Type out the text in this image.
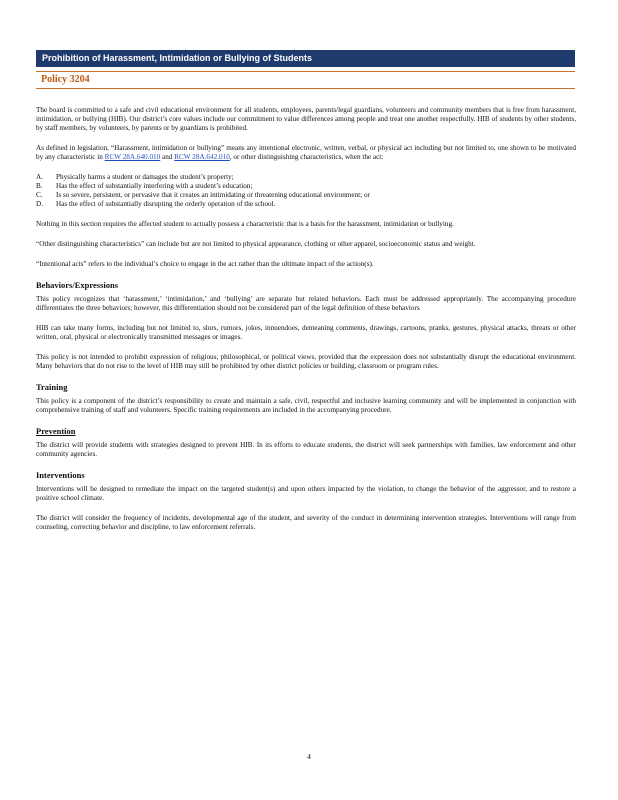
Prohibition of Harassment, Intimidation or Bullying of Students
Policy 3204

The board is committed to a safe and civil educational environment for all students, employees, parents/legal guardians, volunteers and community members that is free from harassment, intimidation, or bullying (HIB). Our district’s core values include our commitment to value differences among people and treat one another respectfully. HIB of students by other students, by staff members, by volunteers, by parents or by guardians is prohibited.

As defined in legislation, “Harassment, intimidation or bullying” means any intentional electronic, written, verbal, or physical act including but not limited to, one shown to be motivated by any characteristic in RCW 28A.640.010 and RCW 28A.642.010, or other distinguishing characteristics, when the act:

A. Physically harms a student or damages the student’s property;
B. Has the effect of substantially interfering with a student’s education;
C. Is so severe, persistent, or pervasive that it creates an intimidating or threatening educational environment; or
D. Has the effect of substantially disrupting the orderly operation of the school.

Nothing in this section requires the affected student to actually possess a characteristic that is a basis for the harassment, intimidation or bullying.

“Other distinguishing characteristics” can include but are not limited to physical appearance, clothing or other apparel, socioeconomic status and weight.

“Intentional acts” refers to the individual’s choice to engage in the act rather than the ultimate impact of the action(s).

Behaviors/Expressions

This policy recognizes that ‘harassment,’ ‘intimidation,’ and ‘bullying’ are separate but related behaviors. Each must be addressed appropriately. The accompanying procedure differentiates the three behaviors; however, this differentiation should not be considered part of the legal definition of these behaviors

HIB can take many forms, including but not limited to, slurs, rumors, jokes, innuendoes, demeaning comments, drawings, cartoons, pranks, gestures, physical attacks, threats or other written, oral, physical or electronically transmitted messages or images.

This policy is not intended to prohibit expression of religious, philosophical, or political views, provided that the expression does not substantially disrupt the educational environment. Many behaviors that do not rise to the level of HIB may still be prohibited by other district policies or building, classroom or program rules.

Training

This policy is a component of the district’s responsibility to create and maintain a safe, civil, respectful and inclusive learning community and will be implemented in conjunction with comprehensive training of staff and volunteers. Specific training requirements are included in the accompanying procedure.

Prevention

The district will provide students with strategies designed to prevent HIB. In its efforts to educate students, the district will seek partnerships with families, law enforcement and other community agencies.

Interventions

Interventions will be designed to remediate the impact on the targeted student(s) and upon others impacted by the violation, to change the behavior of the aggressor, and to restore a positive school climate.

The district will consider the frequency of incidents, developmental age of the student, and severity of the conduct in determining intervention strategies. Interventions will range from counseling, correcting behavior and discipline, to law enforcement referrals.

4
